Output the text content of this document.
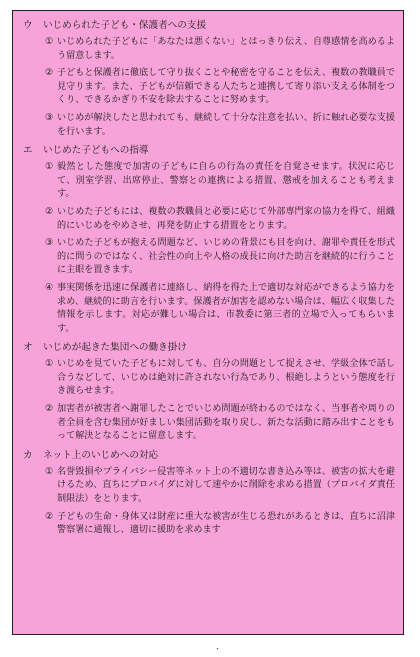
ウ	いじめられた子ども・保護者への支援
① いじめられた子どもに「あなたは悪くない」とはっきり伝え、自尊感情を高めるよう留意します。
② 子どもと保護者に徹底して守り抜くことや秘密を守ることを伝え、複数の教職員で見守ります。また、子どもが信頼できる人たちと連携して寄り添い支える体制をつくり、できるかぎり不安を除去することに努めます。
③ いじめが解決したと思われても、継続して十分な注意を払い、折に触れ必要な支援を行います。
エ	いじめた子どもへの指導
① 毅然とした態度で加害の子どもに自らの行為の責任を自覚させます。状況に応じて、別室学習、出席停止、警察との連携による措置、懲戒を加えることも考えます。
② いじめた子どもには、複数の教職員と必要に応じて外部専門家の協力を得て、組織的にいじめをやめさせ、再発を防止する措置をとります。
③ いじめた子どもが抱える問題など、いじめの背景にも目を向け、謝罪や責任を形式的に問うのではなく、社会性の向上や人格の成長に向けた助言を継続的に行うことに主眼を置きます。
④ 事実関係を迅速に保護者に連絡し、納得を得た上で適切な対応ができるよう協力を求め、継続的に助言を行います。保護者が加害を認めない場合は、幅広く収集した情報を示します。対応が難しい場合は、市教委に第三者的立場で入ってもらいます。
オ	いじめが起きた集団への働き掛け
① いじめを見ていた子どもに対しても、自分の問題として捉えさせ、学級全体で話し合うなどして、いじめは絶対に許されない行為であり、根絶しようという態度を行き渡らせます。
② 加害者が被害者へ謝罪したことでいじめ問題が終わるのではなく、当事者や周りの者全員を含む集団が好ましい集団活動を取り戻し、新たな活動に踏み出すことをもって解決となることに留意します。
カ	ネット上のいじめへの対応
① 名誉毀損やプライバシー侵害等ネット上の不適切な書き込み等は、被害の拡大を避けるため、直ちにプロバイダに対して速やかに削除を求める措置（プロバイダ責任制限法）をとります。
② 子どもの生命・身体又は財産に重大な被害が生じる恐れがあるときは、直ちに沼津警察署に通報し、適切に援助を求めます
・
